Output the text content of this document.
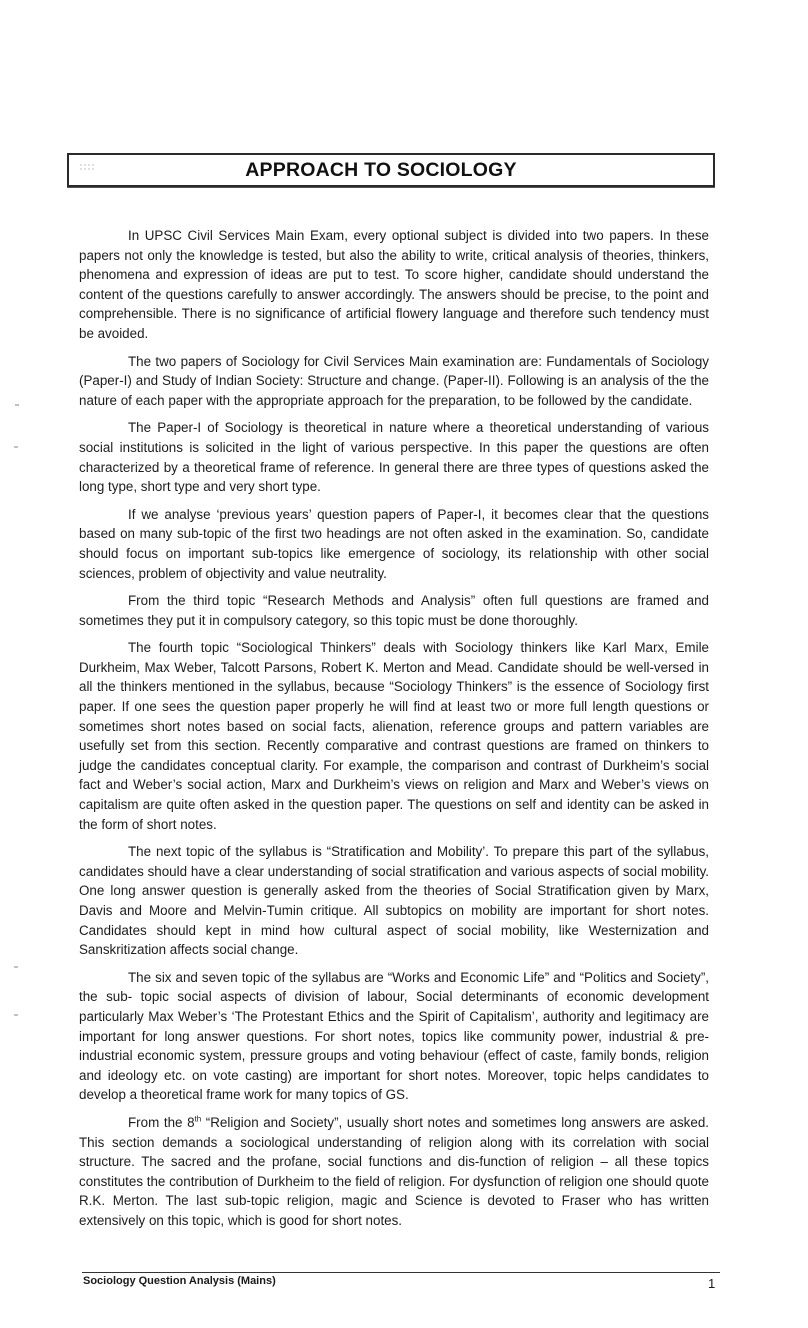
APPROACH TO SOCIOLOGY

In UPSC Civil Services Main Exam, every optional subject is divided into two papers. In these papers not only the knowledge is tested, but also the ability to write, critical analysis of theories, thinkers, phenomena and expression of ideas are put to test. To score higher, candidate should understand the content of the questions carefully to answer accordingly. The answers should be precise, to the point and comprehensible. There is no significance of artificial flowery language and therefore such tendency must be avoided.

The two papers of Sociology for Civil Services Main examination are: Fundamentals of Sociology (Paper-I) and Study of Indian Society: Structure and change. (Paper-II). Following is an analysis of the the nature of each paper with the appropriate approach for the preparation, to be followed by the candidate.

The Paper-I of Sociology is theoretical in nature where a theoretical understanding of various social institutions is solicited in the light of various perspective. In this paper the questions are often characterized by a theoretical frame of reference. In general there are three types of questions asked the long type, short type and very short type.

If we analyse ‘previous years’ question papers of Paper-I, it becomes clear that the questions based on many sub-topic of the first two headings are not often asked in the examination. So, candidate should focus on important sub-topics like emergence of sociology, its relationship with other social sciences, problem of objectivity and value neutrality.

From the third topic “Research Methods and Analysis” often full questions are framed and sometimes they put it in compulsory category, so this topic must be done thoroughly.

The fourth topic “Sociological Thinkers” deals with Sociology thinkers like Karl Marx, Emile Durkheim, Max Weber, Talcott Parsons, Robert K. Merton and Mead. Candidate should be well-versed in all the thinkers mentioned in the syllabus, because “Sociology Thinkers” is the essence of Sociology first paper. If one sees the question paper properly he will find at least two or more full length questions or sometimes short notes based on social facts, alienation, reference groups and pattern variables are usefully set from this section. Recently comparative and contrast questions are framed on thinkers to judge the candidates conceptual clarity. For example, the comparison and contrast of Durkheim’s social fact and Weber’s social action, Marx and Durkheim’s views on religion and Marx and Weber’s views on capitalism are quite often asked in the question paper. The questions on self and identity can be asked in the form of short notes.

The next topic of the syllabus is “Stratification and Mobility’. To prepare this part of the syllabus, candidates should have a clear understanding of social stratification and various aspects of social mobility. One long answer question is generally asked from the theories of Social Stratification given by Marx, Davis and Moore and Melvin-Tumin critique. All subtopics on mobility are important for short notes. Candidates should kept in mind how cultural aspect of social mobility, like Westernization and Sanskritization affects social change.

The six and seven topic of the syllabus are “Works and Economic Life” and “Politics and Society”, the sub- topic social aspects of division of labour, Social determinants of economic development particularly Max Weber’s ‘The Protestant Ethics and the Spirit of Capitalism’, authority and legitimacy are important for long answer questions. For short notes, topics like community power, industrial & pre-industrial economic system, pressure groups and voting behaviour (effect of caste, family bonds, religion and ideology etc. on vote casting) are important for short notes. Moreover, topic helps candidates to develop a theoretical frame work for many topics of GS.

From the 8th “Religion and Society”, usually short notes and sometimes long answers are asked. This section demands a sociological understanding of religion along with its correlation with social structure. The sacred and the profane, social functions and dis-function of religion – all these topics constitutes the contribution of Durkheim to the field of religion. For dysfunction of religion one should quote R.K. Merton. The last sub-topic religion, magic and Science is devoted to Fraser who has written extensively on this topic, which is good for short notes.

Sociology Question Analysis (Mains)	1
